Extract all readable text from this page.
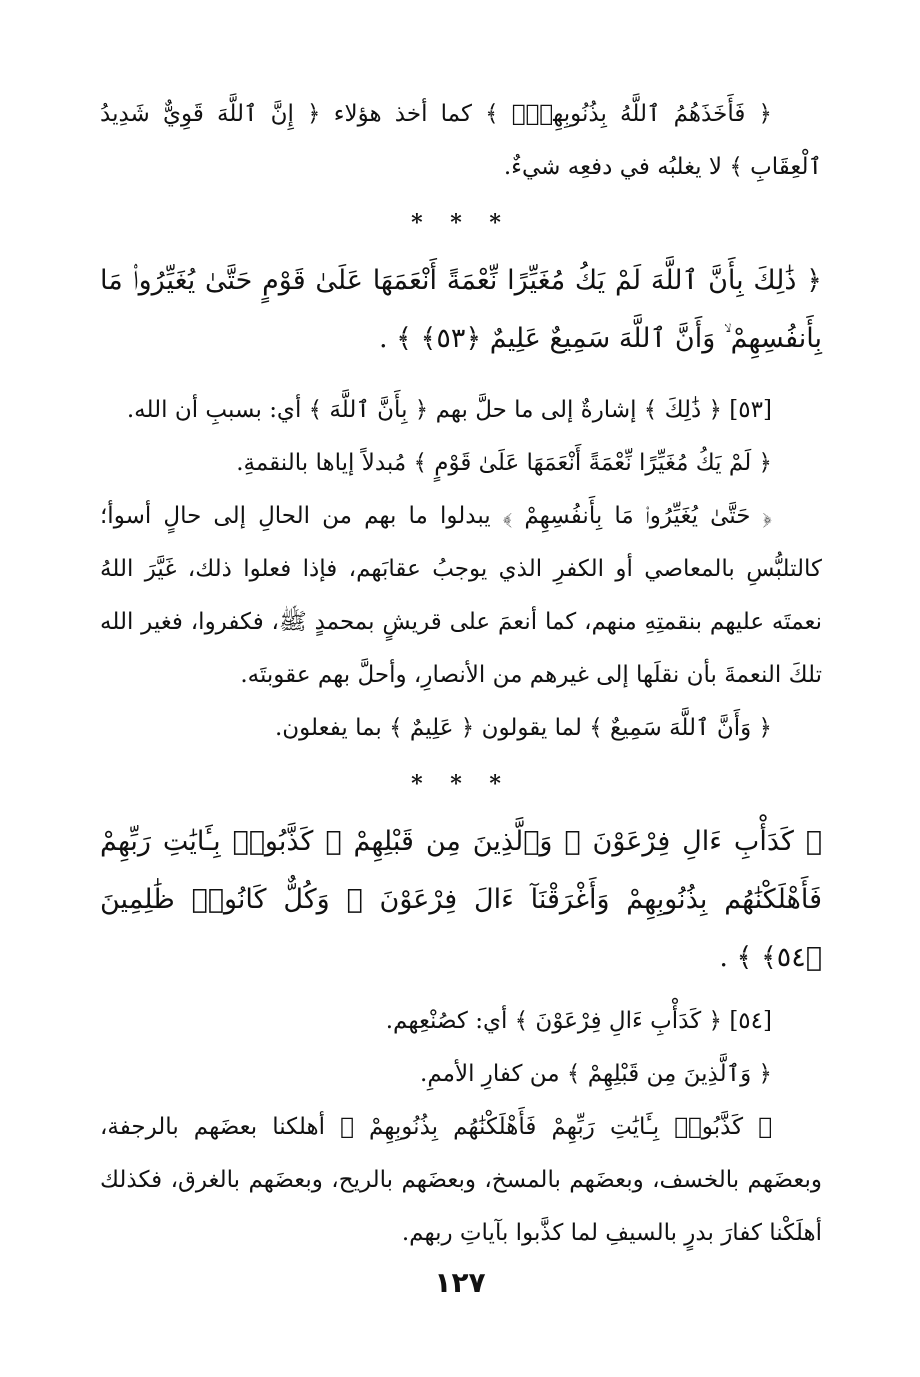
﴿ فَأَخَذَهُمُ ٱللَّهُ بِذُنُوبِهِمْۗ ﴾ كما أخذ هؤلاء ﴿ إِنَّ ٱللَّهَ قَوِيٌّ شَدِيدُ ٱلْعِقَابِ ﴾ لا يغلبُه في دفعِه شيءٌ.

* * *

﴿ ذَٰلِكَ بِأَنَّ ٱللَّهَ لَمْ يَكُ مُغَيِّرًا نِّعْمَةً أَنْعَمَهَا عَلَىٰ قَوْمٍ حَتَّىٰ يُغَيِّرُوا۟ مَا بِأَنفُسِهِمْ ۙ وَأَنَّ ٱللَّهَ سَمِيعٌ عَلِيمٌ ﴿٥٣﴾ ﴾ .

[٥٣] ﴿ ذَٰلِكَ ﴾ إشارةٌ إلى ما حلَّ بهم ﴿ بِأَنَّ ٱللَّهَ ﴾ أي: بسببِ أن الله.

﴿ لَمْ يَكُ مُغَيِّرًا نِّعْمَةً أَنْعَمَهَا عَلَىٰ قَوْمٍ ﴾ مُبدلاً إياها بالنقمةِ.

﴿ حَتَّىٰ يُغَيِّرُوا۟ مَا بِأَنفُسِهِمْ ﴾ يبدلوا ما بهم من الحالِ إلى حالٍ أسوأ؛ كالتلبُّسِ بالمعاصي أو الكفرِ الذي يوجبُ عقابَهم، فإذا فعلوا ذلك، غَيَّرَ اللهُ نعمتَه عليهم بنقمتِهِ منهم، كما أنعمَ على قريشٍ بمحمدٍ ﷺ، فكفروا، فغير الله تلكَ النعمةَ بأن نقلَها إلى غيرهم من الأنصارِ، وأحلَّ بهم عقوبتَه.

﴿ وَأَنَّ ٱللَّهَ سَمِيعٌ ﴾ لما يقولون ﴿ عَلِيمٌ ﴾ بما يفعلون.

* * *

﴿ كَدَأْبِ ءَالِ فِرْعَوْنَ ۙ وَٱلَّذِينَ مِن قَبْلِهِمْ ۚ كَذَّبُوا۟ بِـَٔايَٰتِ رَبِّهِمْ فَأَهْلَكْنَٰهُم بِذُنُوبِهِمْ وَأَغْرَقْنَآ ءَالَ فِرْعَوْنَ ۚ وَكُلٌّ كَانُوا۟ ظَٰلِمِينَ ﴿٥٤﴾ ﴾ .

[٥٤] ﴿ كَدَأْبِ ءَالِ فِرْعَوْنَ ﴾ أي: كصُنْعِهم.

﴿ وَٱلَّذِينَ مِن قَبْلِهِمْ ﴾ من كفارِ الأممِ.

﴿ كَذَّبُوا۟ بِـَٔايَٰتِ رَبِّهِمْ فَأَهْلَكْنَٰهُم بِذُنُوبِهِمْ ﴾ أهلكنا بعضَهم بالرجفة، وبعضَهم بالخسف، وبعضَهم بالمسخ، وبعضَهم بالريح، وبعضَهم بالغرق، فكذلك أهلَكْنا كفارَ بدرٍ بالسيفِ لما كذَّبوا بآياتِ ربهم.

١٢٧
